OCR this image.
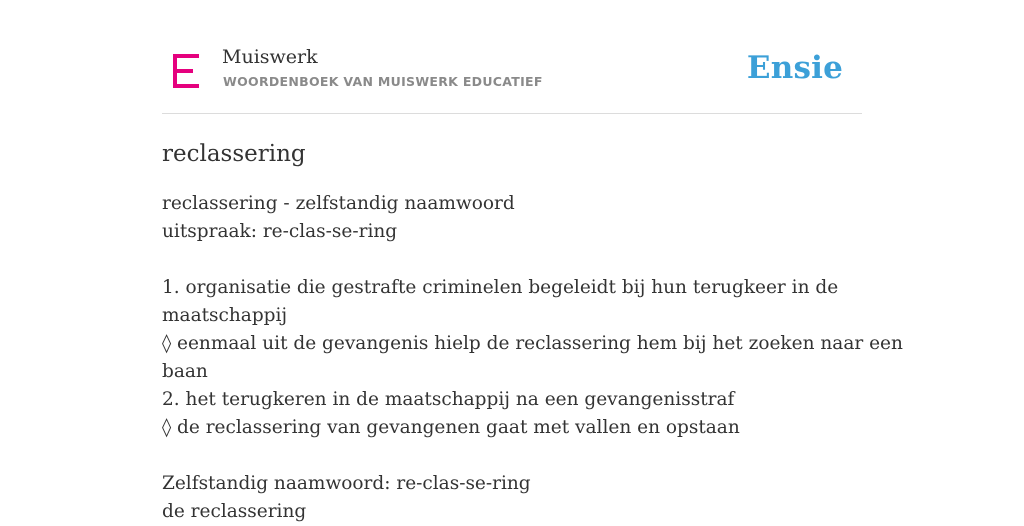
Muiswerk
WOORDENBOEK VAN MUISWERK EDUCATIEF	Ensie
reclassering
reclassering - zelfstandig naamwoord
uitspraak: re-clas-se-ring
1. organisatie die gestrafte criminelen begeleidt bij hun terugkeer in de
maatschappij
◊ eenmaal uit de gevangenis hielp de reclassering hem bij het zoeken naar een
baan
2. het terugkeren in de maatschappij na een gevangenisstraf
◊ de reclassering van gevangenen gaat met vallen en opstaan
Zelfstandig naamwoord: re-clas-se-ring
de reclassering
